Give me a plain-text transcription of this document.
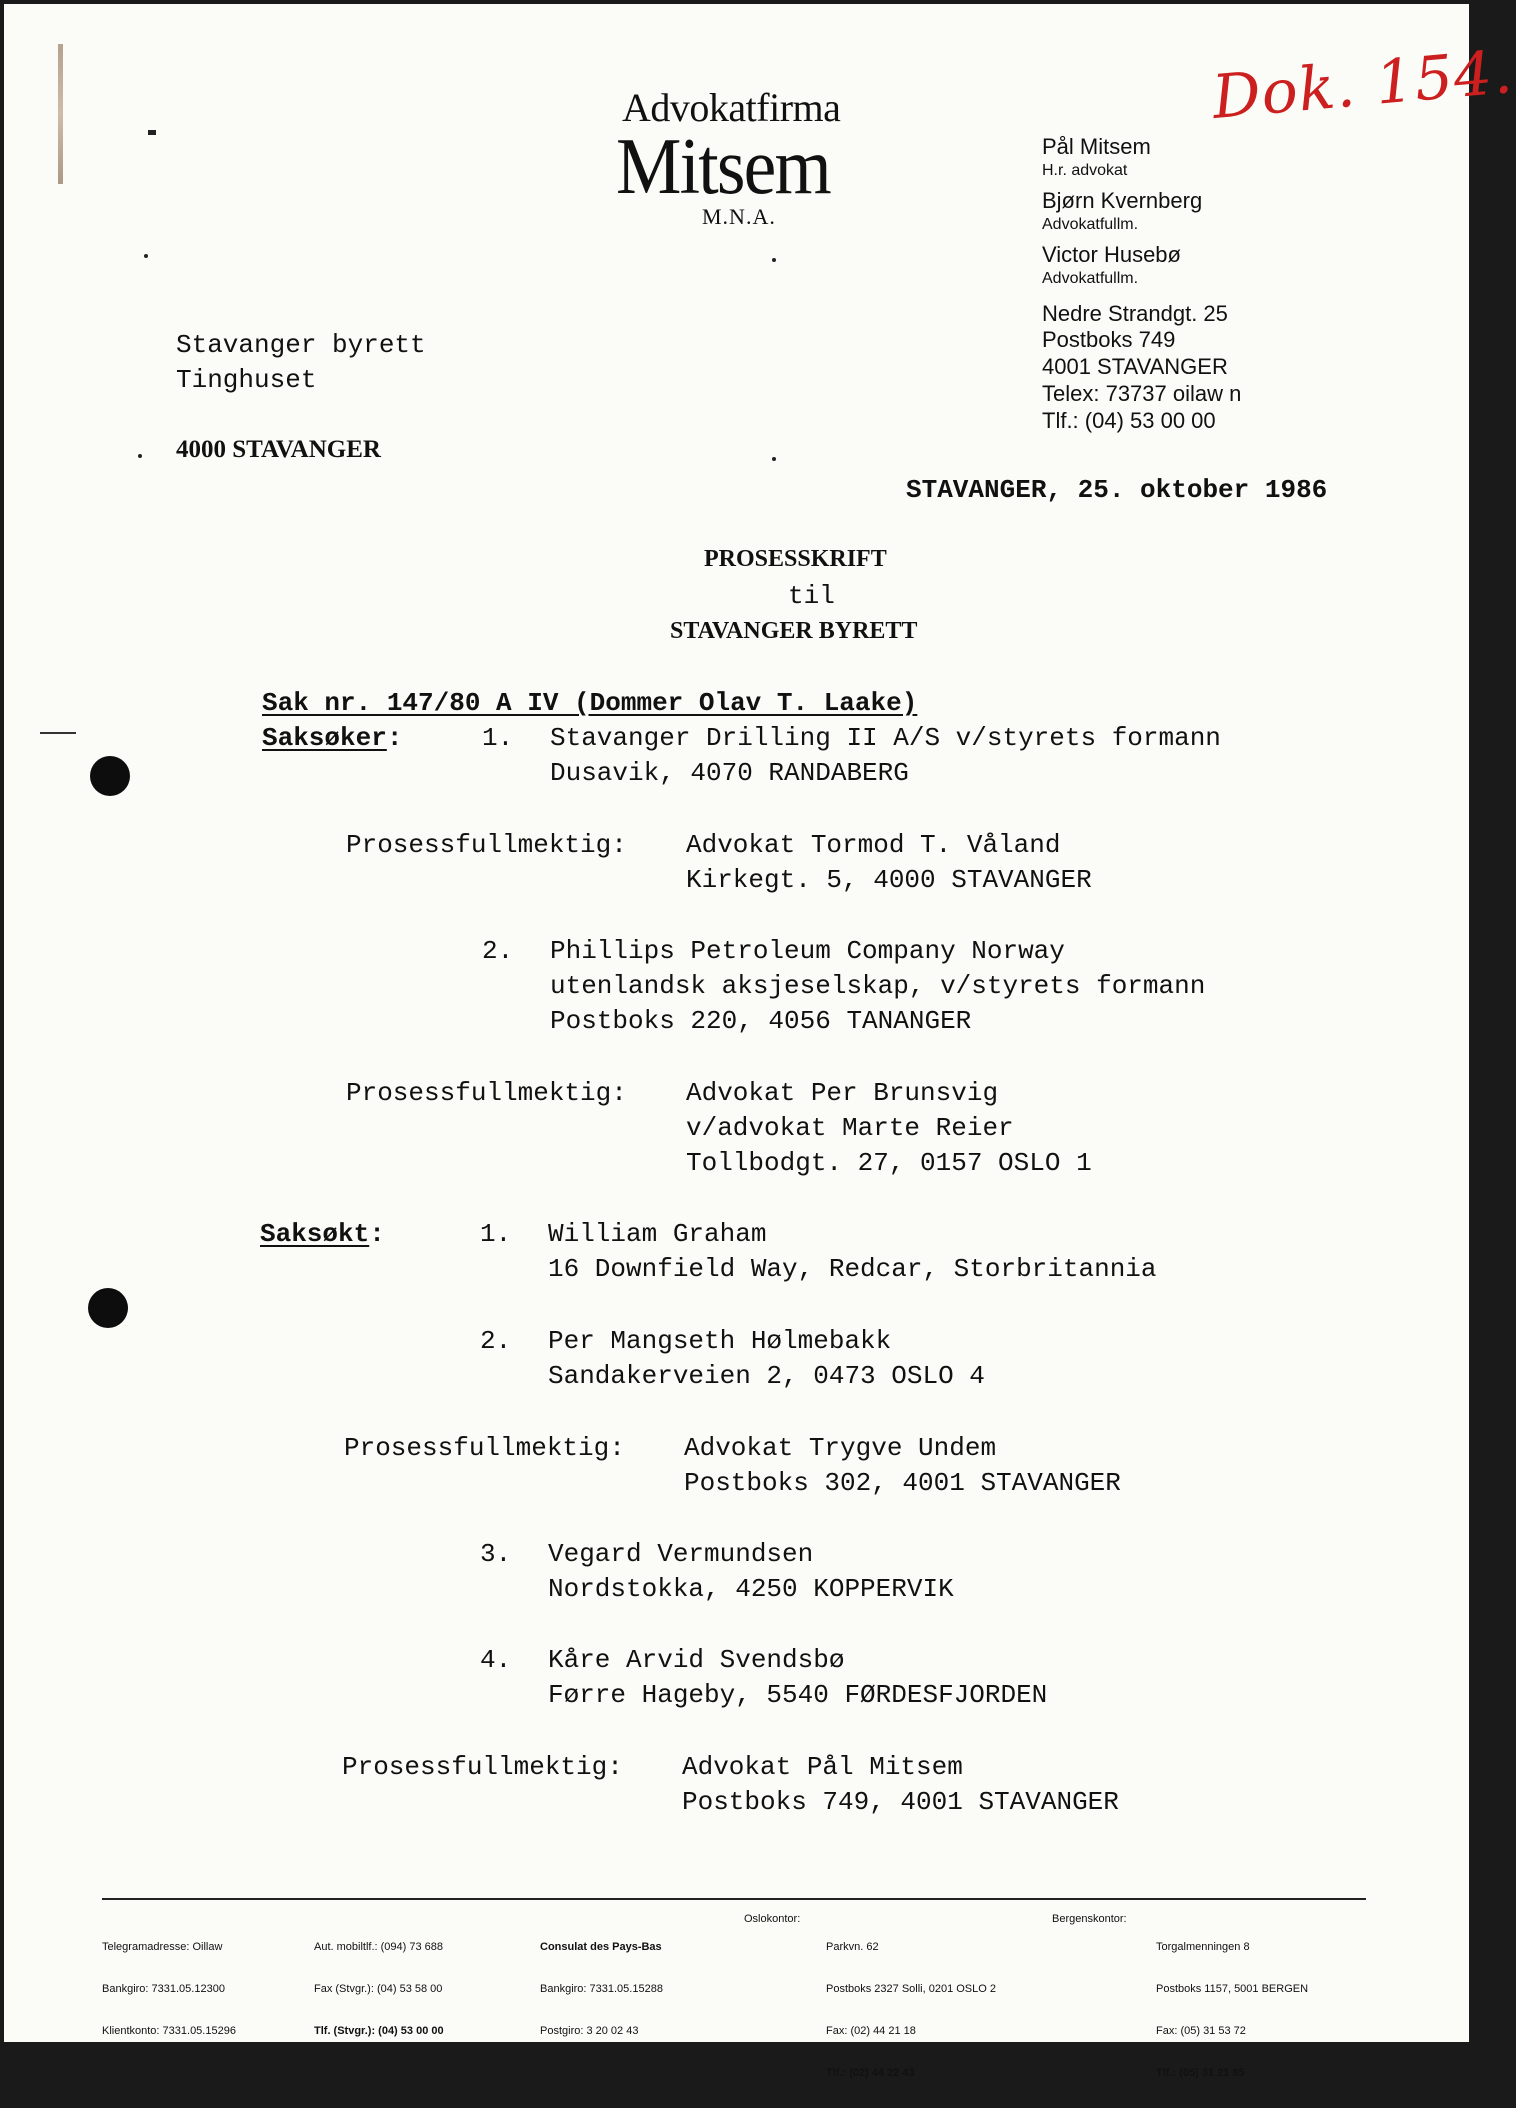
Dok. 154.
Advokatfirma
Mitsem
M.N.A.
Pål Mitsem
H.r. advokat
Bjørn Kvernberg
Advokatfullm.
Victor Husebø
Advokatfullm.
Nedre Strandgt. 25
Postboks 749
4001 STAVANGER
Telex: 73737 oilaw n
Tlf.: (04) 53 00 00
Stavanger byrett
Tinghuset
4000 STAVANGER
STAVANGER, 25. oktober 1986
PROSESSKRIFT
til
STAVANGER BYRETT
Sak nr. 147/80 A IV (Dommer Olav T. Laake)
Saksøker:	1. Stavanger Drilling II A/S v/styrets formann
Dusavik, 4070 RANDABERG
Prosessfullmektig: Advokat Tormod T. Våland
Kirkegt. 5, 4000 STAVANGER
2. Phillips Petroleum Company Norway
utenlandsk aksjeselskap, v/styrets formann
Postboks 220, 4056 TANANGER
Prosessfullmektig: Advokat Per Brunsvig
v/advokat Marte Reier
Tollbodgt. 27, 0157 OSLO 1
Saksøkt:	1. William Graham
16 Downfield Way, Redcar, Storbritannia
2. Per Mangseth Hølmebakk
Sandakerveien 2, 0473 OSLO 4
Prosessfullmektig: Advokat Trygve Undem
Postboks 302, 4001 STAVANGER
3. Vegard Vermundsen
Nordstokka, 4250 KOPPERVIK
4. Kåre Arvid Svendsbø
Førre Hageby, 5540 FØRDESFJORDEN
Prosessfullmektig: Advokat Pål Mitsem
Postboks 749, 4001 STAVANGER

Telegramadresse: Oillaw

Bankgiro: 7331.05.12300

Klientkonto: 7331.05.15296

Aut. mobiltlf.: (094) 73 688

Fax (Stvgr.): (04) 53 58 00

Tlf. (Stvgr.): (04) 53 00 00

Consulat des Pays-Bas

Bankgiro: 7331.05.15288

Postgiro: 3 20 02 43

Oslokontor:

Parkvn. 62

Postboks 2327 Solli, 0201 OSLO 2

Fax: (02) 44 21 18

Tlf.: (02) 44 22 43

Bergenskontor:

Torgalmenningen 8

Postboks 1157, 5001 BERGEN

Fax: (05) 31 53 72

Tlf.: (05) 31 21 85
